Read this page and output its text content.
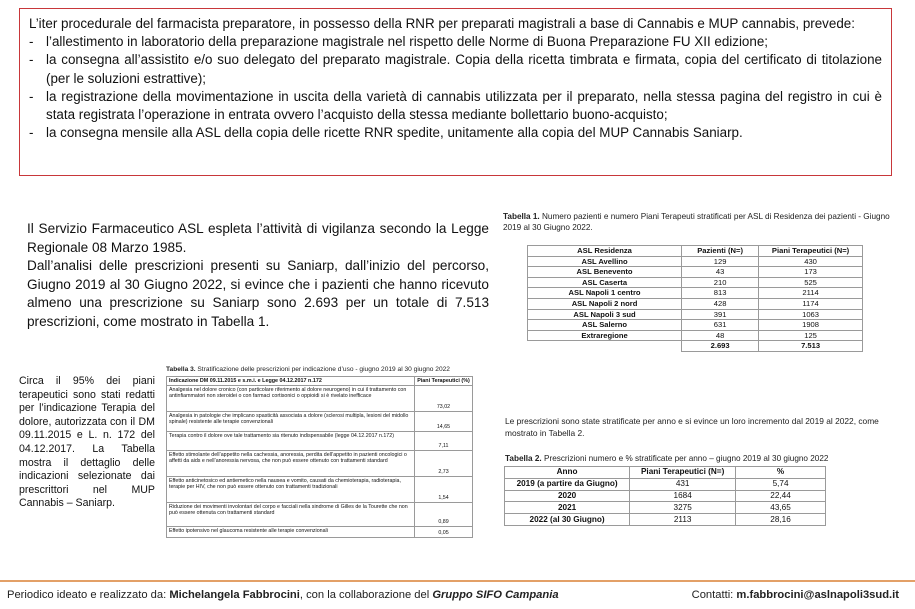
L’iter procedurale del farmacista preparatore, in possesso della RNR per preparati magistrali a base di Cannabis e MUP cannabis, prevede:
- l’allestimento in laboratorio della preparazione magistrale nel rispetto delle Norme di Buona Preparazione FU XII edizione;
- la consegna all’assistito e/o suo delegato del preparato magistrale. Copia della ricetta timbrata e firmata, copia del certificato di titolazione (per le soluzioni estrattive);
- la registrazione della movimentazione in uscita della varietà di cannabis utilizzata per il preparato, nella stessa pagina del registro in cui è stata registrata l’operazione in entrata ovvero l’acquisto della stessa mediante bollettario buono-acquisto;
- la consegna mensile alla ASL della copia delle ricette RNR spedite, unitamente alla copia del MUP Cannabis Saniarp.

Il Servizio Farmaceutico ASL espleta l’attività di vigilanza secondo la Legge Regionale 08 Marzo 1985.

Dall’analisi delle prescrizioni presenti su Saniarp, dall’inizio del percorso, Giugno 2019 al 30 Giugno 2022, si evince che i pazienti che hanno ricevuto almeno una prescrizione su Saniarp sono 2.693 per un totale di 7.513 prescrizioni, come mostrato in Tabella 1.

Tabella 1. Numero pazienti e numero Piani Terapeuti stratificati per ASL di Residenza dei pazienti - Giugno 2019 al 30 Giugno 2022.
ASL Residenza	Pazienti (N=)	Piani Terapeutici (N=)
ASL Avellino	129	430
ASL Benevento	43	173
ASL Caserta	210	525
ASL Napoli 1 centro	813	2114
ASL Napoli 2 nord	428	1174
ASL Napoli 3 sud	391	1063
ASL Salerno	631	1908
Extraregione	48	125
	2.693	7.513
Circa il 95% dei piani terapeutici sono stati redatti per l’indicazione Terapia del dolore, autorizzata con il DM 09.11.2015 e L. n. 172 del 04.12.2017. La Tabella mostra il dettaglio delle indicazioni selezionate dai prescrittori nel MUP Cannabis – Saniarp.
Tabella 3. Stratificazione delle prescrizioni per indicazione d’uso - giugno 2019 al 30 giugno 2022
Indicazione DM 09.11.2015 e s.m.i. e Legge 04.12.2017 n.172	Piani Terapeutici (%)
Analgesia nel dolore cronico (con particolare riferimento al dolore neurogeno) in cui il trattamento con antinfiammatori non steroidei o con farmaci cortisonici o oppioidi si è rivelato inefficace	73,02
Analgesia in patologie che implicano spasticità associata a dolore (sclerosi multipla, lesioni del midollo spinale) resistente alle terapie convenzionali	14,65
Terapia contro il dolore ove tale trattamento sia ritenuto indispensabile (legge 04.12.2017 n.172)	7,11
Effetto stimolante dell’appetito nella cachessia, anoressia, perdita dell’appetito in pazienti oncologici o affetti da aids e nell’anoressia nervosa, che non può essere ottenuto con trattamenti standard	2,73
Effetto anticinetosico ed antiemetico nella nausea e vomito, causati da chemioterapia, radioterapia, terapie per HIV, che non può essere ottenuto con trattamenti tradizionali	1,54
Riduzione dei movimenti involontari del corpo e facciali nella sindrome di Gilles de la Tourette che non può essere ottenuta con trattamenti standard	0,89
Effetto ipotensivo nel glaucoma resistente alle terapie convenzionali	0,05
Le prescrizioni sono state stratificate per anno e si evince un loro incremento dal 2019 al 2022, come mostrato in Tabella 2.
Tabella 2. Prescrizioni numero e % stratificate per anno – giugno 2019 al 30 giugno 2022
Anno	Piani Terapeutici (N=)	%
2019 (a partire da Giugno)	431	5,74
2020	1684	22,44
2021	3275	43,65
2022 (al 30 Giugno)	2113	28,16
Periodico ideato e realizzato da: Michelangela Fabbrocini, con la collaborazione del Gruppo SIFO Campania	Contatti: m.fabbrocini@aslnapoli3sud.it
